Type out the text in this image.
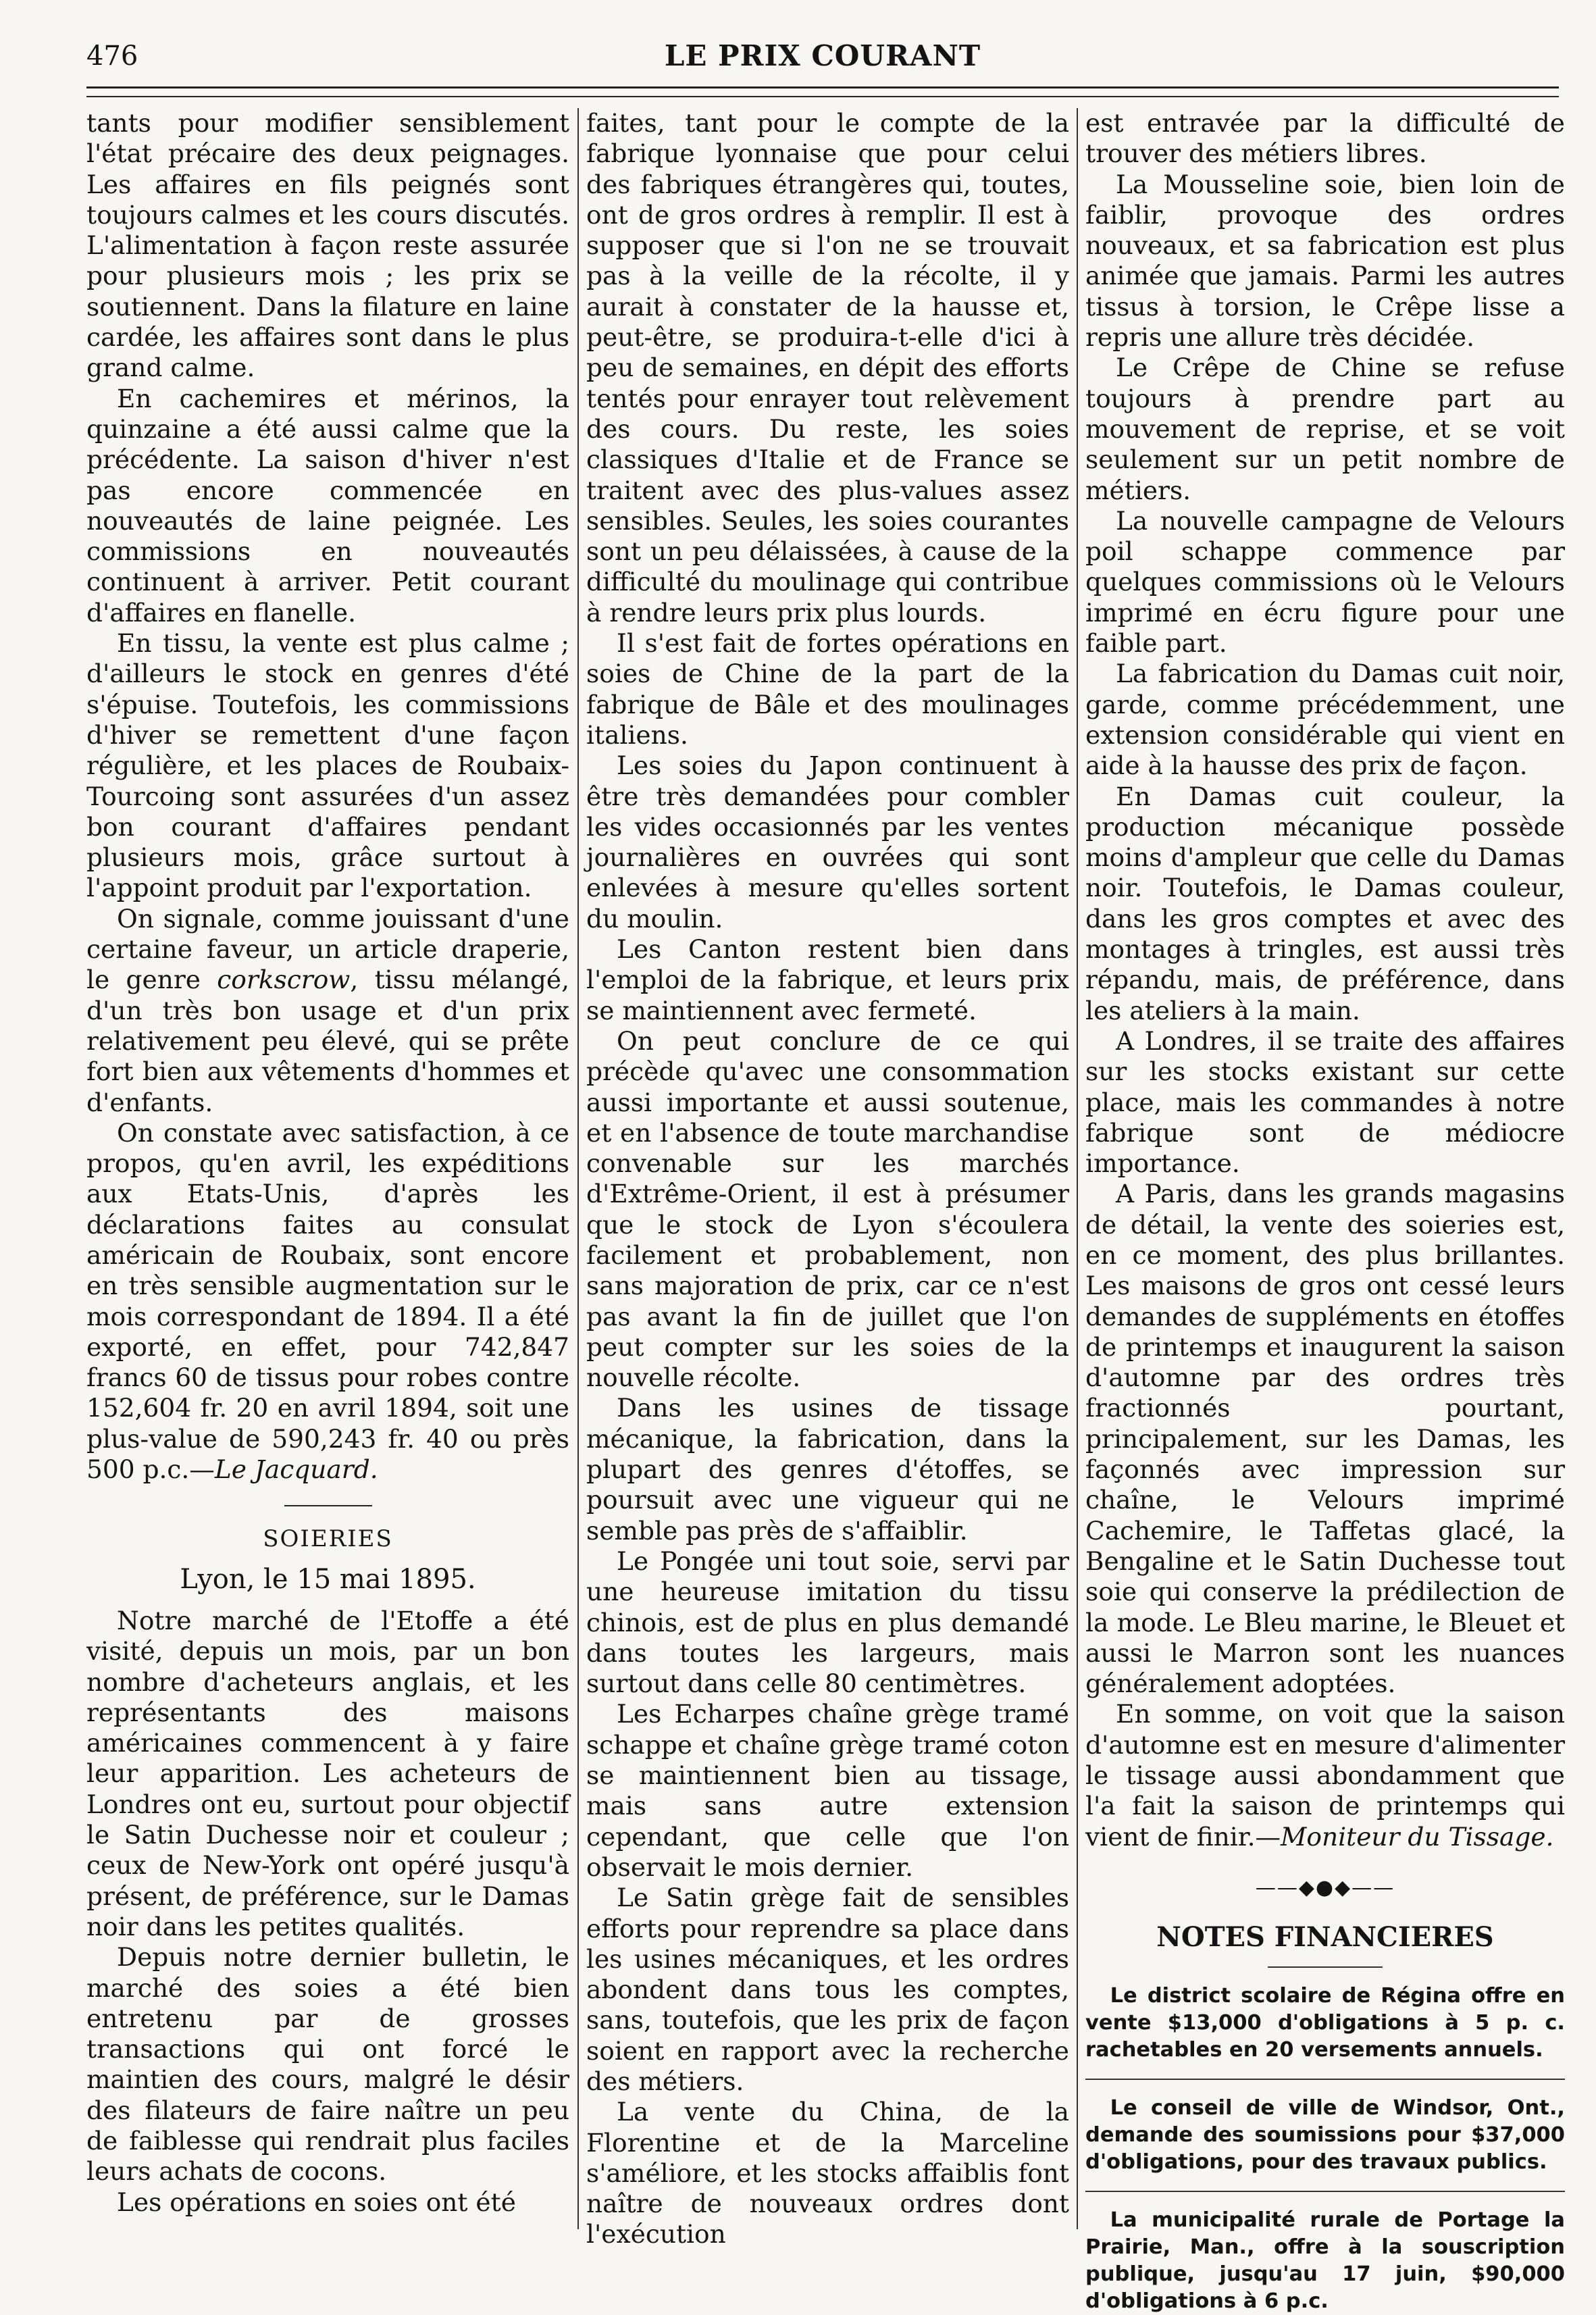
476	LE PRIX COURANT

tants pour modifier sensiblement l'état précaire des deux peignages. Les affaires en fils peignés sont toujours calmes et les cours discutés. L'alimentation à façon reste assurée pour plusieurs mois ; les prix se soutiennent. Dans la filature en laine cardée, les affaires sont dans le plus grand calme.

En cachemires et mérinos, la quinzaine a été aussi calme que la précédente. La saison d'hiver n'est pas encore commencée en nouveautés de laine peignée. Les commissions en nouveautés continuent à arriver. Petit courant d'affaires en flanelle.

En tissu, la vente est plus calme ; d'ailleurs le stock en genres d'été s'épuise. Toutefois, les commissions d'hiver se remettent d'une façon régulière, et les places de Roubaix-Tourcoing sont assurées d'un assez bon courant d'affaires pendant plusieurs mois, grâce surtout à l'appoint produit par l'exportation.

On signale, comme jouissant d'une certaine faveur, un article draperie, le genre corkscrow, tissu mélangé, d'un très bon usage et d'un prix relativement peu élevé, qui se prête fort bien aux vêtements d'hommes et d'enfants.

On constate avec satisfaction, à ce propos, qu'en avril, les expéditions aux Etats-Unis, d'après les déclarations faites au consulat américain de Roubaix, sont encore en très sensible augmentation sur le mois correspondant de 1894. Il a été exporté, en effet, pour 742,847 francs 60 de tissus pour robes contre 152,604 fr. 20 en avril 1894, soit une plus-value de 590,243 fr. 40 ou près 500 p.c.—Le Jacquard.

SOIERIES
Lyon, le 15 mai 1895.

Notre marché de l'Etoffe a été visité, depuis un mois, par un bon nombre d'acheteurs anglais, et les représentants des maisons américaines commencent à y faire leur apparition. Les acheteurs de Londres ont eu, surtout pour objectif le Satin Duchesse noir et couleur ; ceux de New-York ont opéré jusqu'à présent, de préférence, sur le Damas noir dans les petites qualités.

Depuis notre dernier bulletin, le marché des soies a été bien entretenu par de grosses transactions qui ont forcé le maintien des cours, malgré le désir des filateurs de faire naître un peu de faiblesse qui rendrait plus faciles leurs achats de cocons.

Les opérations en soies ont été

faites, tant pour le compte de la fabrique lyonnaise que pour celui des fabriques étrangères qui, toutes, ont de gros ordres à remplir. Il est à supposer que si l'on ne se trouvait pas à la veille de la récolte, il y aurait à constater de la hausse et, peut-être, se produira-t-elle d'ici à peu de semaines, en dépit des efforts tentés pour enrayer tout relèvement des cours. Du reste, les soies classiques d'Italie et de France se traitent avec des plus-values assez sensibles. Seules, les soies courantes sont un peu délaissées, à cause de la difficulté du moulinage qui contribue à rendre leurs prix plus lourds.

Il s'est fait de fortes opérations en soies de Chine de la part de la fabrique de Bâle et des moulinages italiens.

Les soies du Japon continuent à être très demandées pour combler les vides occasionnés par les ventes journalières en ouvrées qui sont enlevées à mesure qu'elles sortent du moulin.

Les Canton restent bien dans l'emploi de la fabrique, et leurs prix se maintiennent avec fermeté.

On peut conclure de ce qui précède qu'avec une consommation aussi importante et aussi soutenue, et en l'absence de toute marchandise convenable sur les marchés d'Extrême-Orient, il est à présumer que le stock de Lyon s'écoulera facilement et probablement, non sans majoration de prix, car ce n'est pas avant la fin de juillet que l'on peut compter sur les soies de la nouvelle récolte.

Dans les usines de tissage mécanique, la fabrication, dans la plupart des genres d'étoffes, se poursuit avec une vigueur qui ne semble pas près de s'affaiblir.

Le Pongée uni tout soie, servi par une heureuse imitation du tissu chinois, est de plus en plus demandé dans toutes les largeurs, mais surtout dans celle 80 centimètres.

Les Echarpes chaîne grège tramé schappe et chaîne grège tramé coton se maintiennent bien au tissage, mais sans autre extension cependant, que celle que l'on observait le mois dernier.

Le Satin grège fait de sensibles efforts pour reprendre sa place dans les usines mécaniques, et les ordres abondent dans tous les comptes, sans, toutefois, que les prix de façon soient en rapport avec la recherche des métiers.

La vente du China, de la Florentine et de la Marceline s'améliore, et les stocks affaiblis font naître de nouveaux ordres dont l'exécution

est entravée par la difficulté de trouver des métiers libres.

La Mousseline soie, bien loin de faiblir, provoque des ordres nouveaux, et sa fabrication est plus animée que jamais. Parmi les autres tissus à torsion, le Crêpe lisse a repris une allure très décidée.

Le Crêpe de Chine se refuse toujours à prendre part au mouvement de reprise, et se voit seulement sur un petit nombre de métiers.

La nouvelle campagne de Velours poil schappe commence par quelques commissions où le Velours imprimé en écru figure pour une faible part.

La fabrication du Damas cuit noir, garde, comme précédemment, une extension considérable qui vient en aide à la hausse des prix de façon.

En Damas cuit couleur, la production mécanique possède moins d'ampleur que celle du Damas noir. Toutefois, le Damas couleur, dans les gros comptes et avec des montages à tringles, est aussi très répandu, mais, de préférence, dans les ateliers à la main.

A Londres, il se traite des affaires sur les stocks existant sur cette place, mais les commandes à notre fabrique sont de médiocre importance.

A Paris, dans les grands magasins de détail, la vente des soieries est, en ce moment, des plus brillantes. Les maisons de gros ont cessé leurs demandes de suppléments en étoffes de printemps et inaugurent la saison d'automne par des ordres très fractionnés pourtant, principalement, sur les Damas, les façonnés avec impression sur chaîne, le Velours imprimé Cachemire, le Taffetas glacé, la Bengaline et le Satin Duchesse tout soie qui conserve la prédilection de la mode. Le Bleu marine, le Bleuet et aussi le Marron sont les nuances généralement adoptées.

En somme, on voit que la saison d'automne est en mesure d'alimenter le tissage aussi abondamment que l'a fait la saison de printemps qui vient de finir.—Moniteur du Tissage.

——◆●◆——
NOTES FINANCIERES

Le district scolaire de Régina offre en vente $13,000 d'obligations à 5 p. c. rachetables en 20 versements annuels.

Le conseil de ville de Windsor, Ont., demande des soumissions pour $37,000 d'obligations, pour des travaux publics.

La municipalité rurale de Portage la Prairie, Man., offre à la souscription publique, jusqu'au 17 juin, $90,000 d'obligations à 6 p.c.
